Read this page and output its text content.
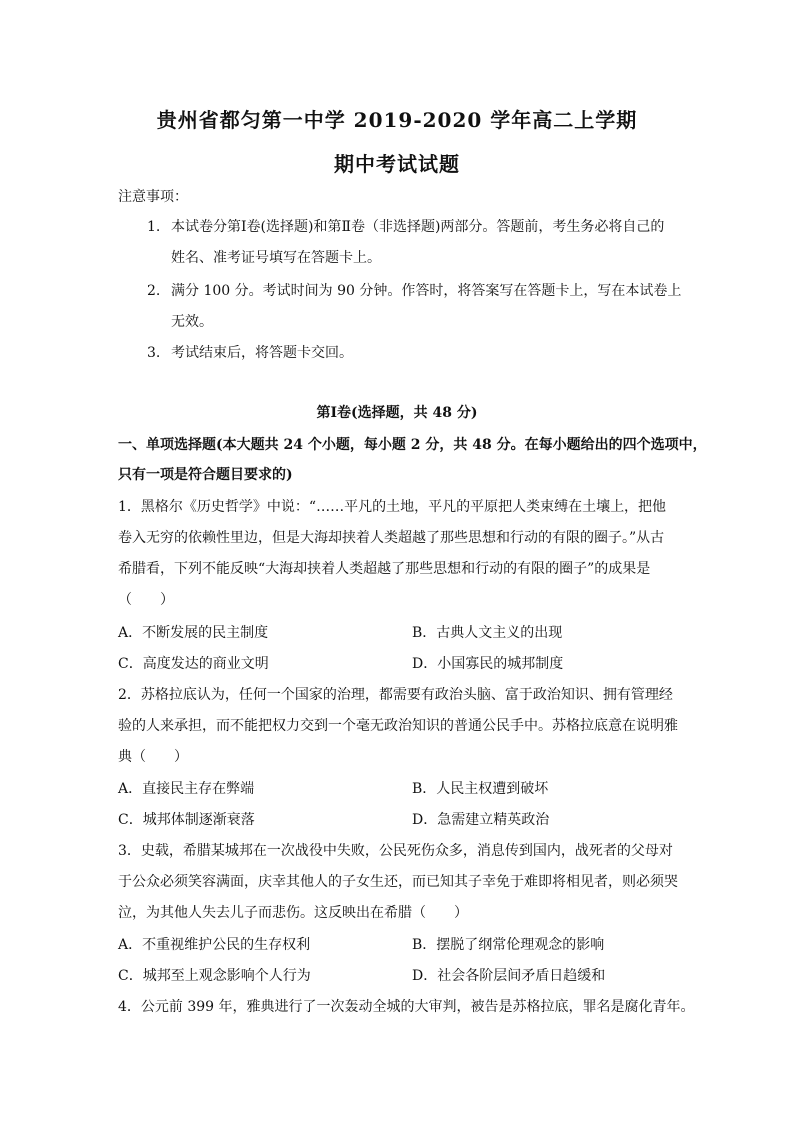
贵州省都匀第一中学 2019-2020 学年高二上学期
期中考试试题
注意事项：
1. 本试卷分第Ⅰ卷(选择题)和第Ⅱ卷（非选择题)两部分。答题前，考生务必将自己的
姓名、准考证号填写在答题卡上。
2. 满分 100 分。考试时间为 90 分钟。作答时，将答案写在答题卡上，写在本试卷上
无效。
3. 考试结束后，将答题卡交回。
第Ⅰ卷(选择题，共 48 分)
一、单项选择题(本大题共 24 个小题，每小题 2 分，共 48 分。在每小题给出的四个选项中，
只有一项是符合题目要求的)
1．黑格尔《历史哲学》中说：“……平凡的土地，平凡的平原把人类束缚在土壤上，把他
卷入无穷的依赖性里边，但是大海却挟着人类超越了那些思想和行动的有限的圈子。”从古
希腊看，下列不能反映“大海却挟着人类超越了那些思想和行动的有限的圈子”的成果是
（　　）
A．不断发展的民主制度	B．古典人文主义的出现
C．高度发达的商业文明	D．小国寡民的城邦制度
2．苏格拉底认为，任何一个国家的治理，都需要有政治头脑、富于政治知识、拥有管理经
验的人来承担，而不能把权力交到一个毫无政治知识的普通公民手中。苏格拉底意在说明雅
典（　　）
A．直接民主存在弊端	B．人民主权遭到破坏
C．城邦体制逐渐衰落	D．急需建立精英政治
3．史载，希腊某城邦在一次战役中失败，公民死伤众多，消息传到国内，战死者的父母对
于公众必须笑容满面，庆幸其他人的子女生还，而已知其子幸免于难即将相见者，则必须哭
泣，为其他人失去儿子而悲伤。这反映出在希腊（　　）
A．不重视维护公民的生存权利	B．摆脱了纲常伦理观念的影响
C．城邦至上观念影响个人行为	D．社会各阶层间矛盾日趋缓和
4．公元前 399 年，雅典进行了一次轰动全城的大审判，被告是苏格拉底，罪名是腐化青年。
